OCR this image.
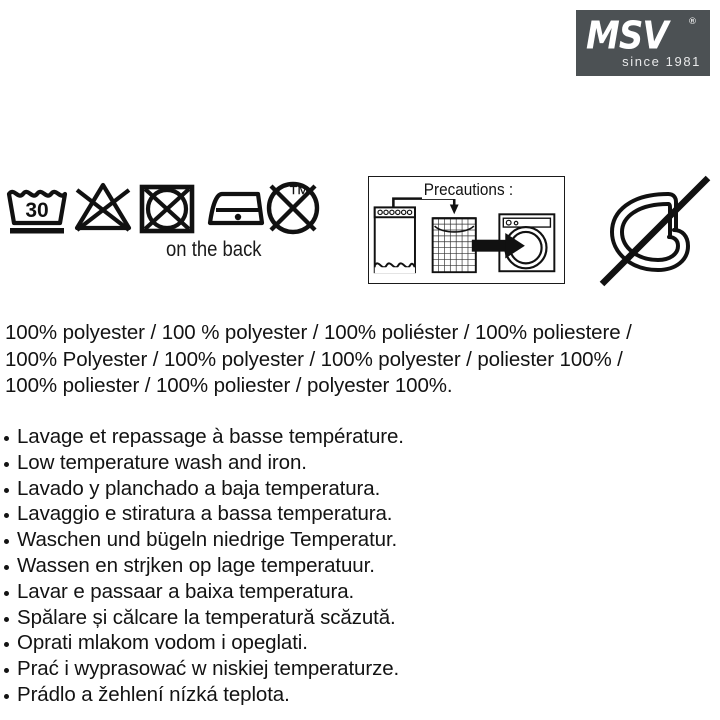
MSV	®
since 1981
30
™
on the back
Precautions :
100% polyester / 100 % polyester / 100% poliéster / 100% poliestere /
100% Polyester / 100% polyester / 100% polyester / poliester 100% /
100% poliester / 100% poliester / polyester 100%.
Lavage et repassage à basse température.
Low temperature wash and iron.
Lavado y planchado a baja temperatura.
Lavaggio e stiratura a bassa temperatura.
Waschen und bügeln niedrige Temperatur.
Wassen en strjken op lage temperatuur.
Lavar e passaar a baixa temperatura.
Spălare și călcare la temperatură scăzută.
Oprati mlakom vodom i opeglati.
Prać i wyprasować w niskiej temperaturze.
Prádlo a žehlení nízká teplota.
